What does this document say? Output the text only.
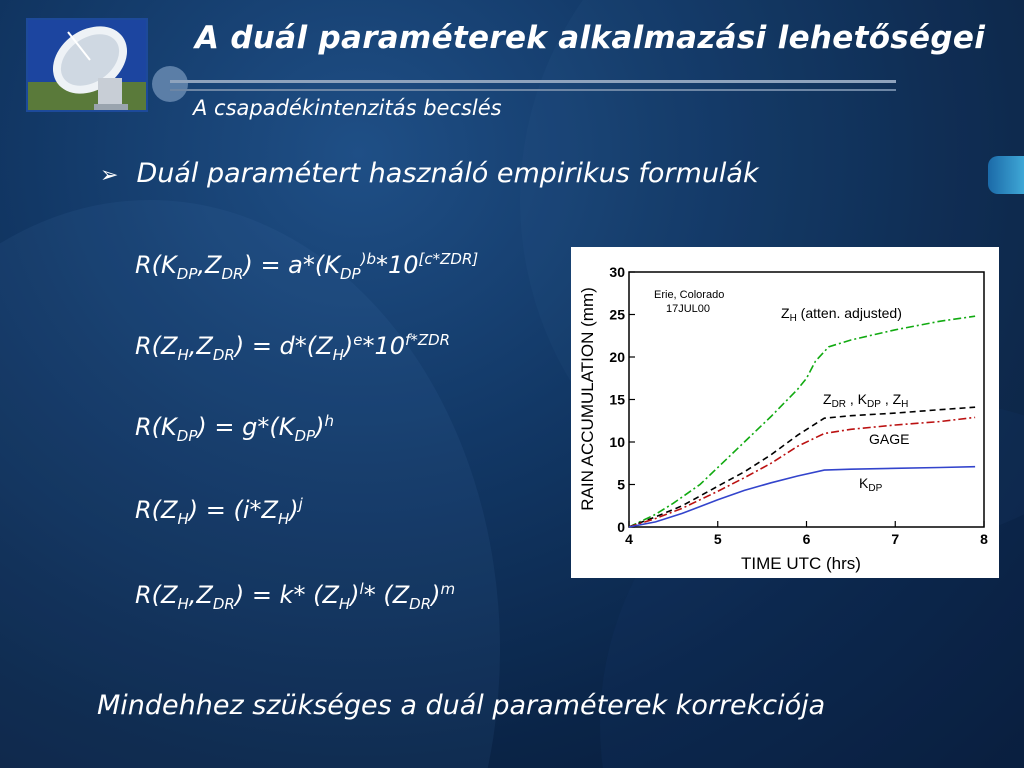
A duál paraméterek alkalmazási lehetőségei
A csapadékintenzitás becslés
➢ Duál paramétert használó empirikus formulák
$R(K_{DP},Z_{DR}) = a*(K_{DP}^{)b}*10[c*ZDR]$
$R(Z_H,Z_{DR}) = d*(Z_H)^e*10^{f*ZDR}$
$R(K_{DP}) = g*(K_{DP})^h$
$R(Z_H) = (i*Z_H)^j$
$R(Z_H,Z_{DR}) = k*$ $(Z_H)^l*$ $(Z_{DR})^m$
Mindehhez szükséges a duál paraméterek korrekciója
4	5	6	7	8
0
5
10
15
20
25
30
TIME UTC (hrs)
RAIN ACCUMULATION (mm)	Erie, Colorado
17JUL00	$Z_H$ (atten. adjusted)
$Z_{DR}$ , $K_{DP}$ , $Z_H$
GAGE
$K_{DP}$
